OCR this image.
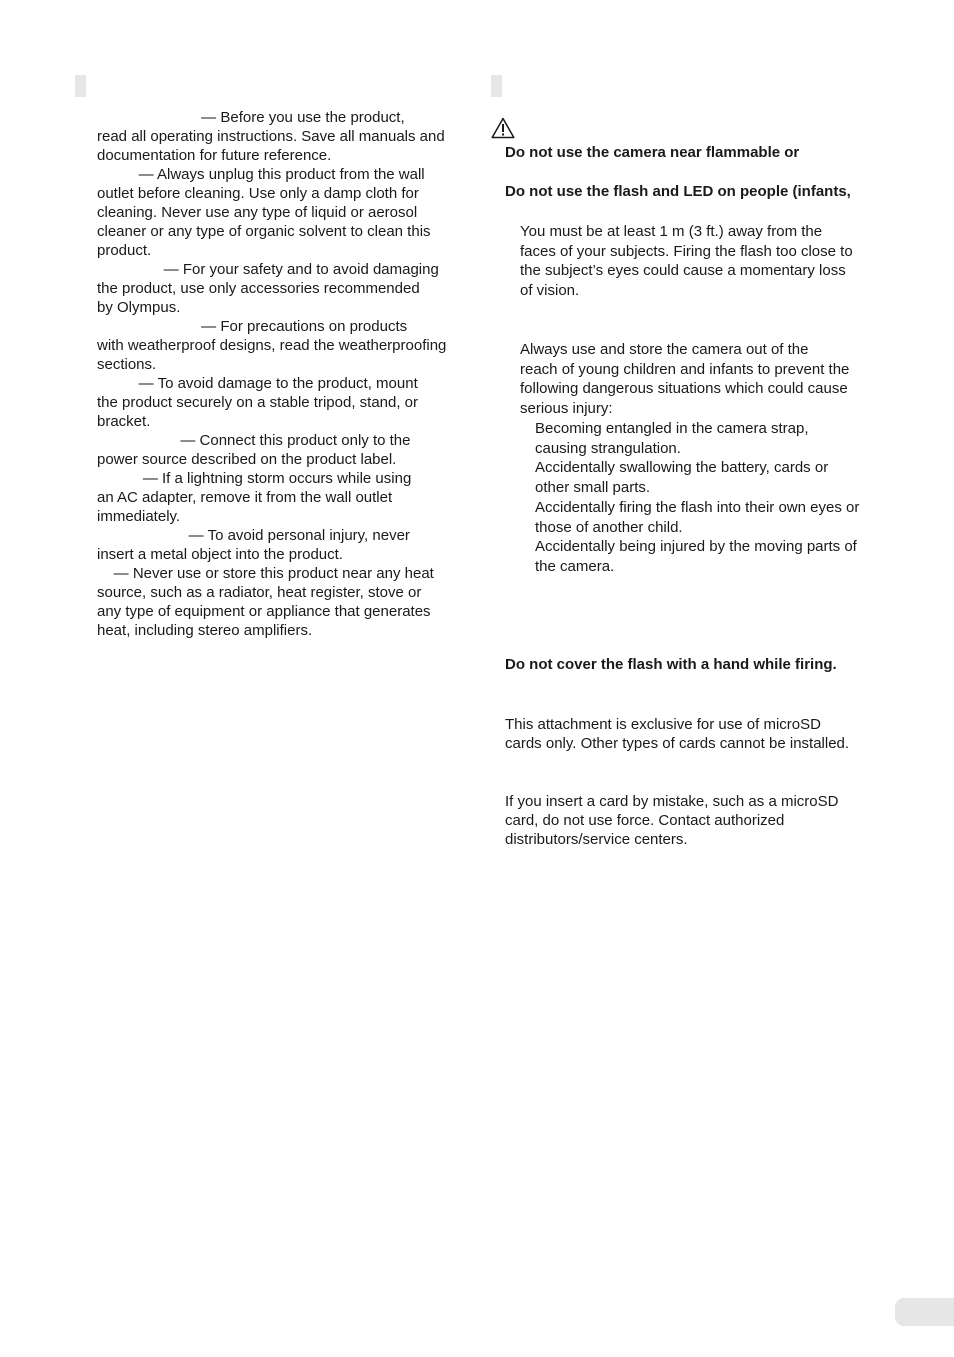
— Before you use the product,
read all operating instructions. Save all manuals and
documentation for future reference.
— Always unplug this product from the wall
outlet before cleaning. Use only a damp cloth for
cleaning. Never use any type of liquid or aerosol
cleaner or any type of organic solvent to clean this
product.
— For your safety and to avoid damaging
the product, use only accessories recommended
by Olympus.
— For precautions on products
with weatherproof designs, read the weatherproofing
sections.
— To avoid damage to the product, mount
the product securely on a stable tripod, stand, or
bracket.
— Connect this product only to the
power source described on the product label.
— If a lightning storm occurs while using
an AC adapter, remove it from the wall outlet
immediately.
— To avoid personal injury, never
insert a metal object into the product.
— Never use or store this product near any heat
source, such as a radiator, heat register, stove or
any type of equipment or appliance that generates
heat, including stereo amplifiers.
Do not use the camera near flammable or
Do not use the flash and LED on people (infants,
You must be at least 1 m (3 ft.) away from the
faces of your subjects. Firing the flash too close to
the subject’s eyes could cause a momentary loss
of vision.
Always use and store the camera out of the
reach of young children and infants to prevent the
following dangerous situations which could cause
serious injury:
Becoming entangled in the camera strap,
causing strangulation.
Accidentally swallowing the battery, cards or
other small parts.
Accidentally firing the flash into their own eyes or
those of another child.
Accidentally being injured by the moving parts of
the camera.
Do not cover the flash with a hand while firing.
This attachment is exclusive for use of microSD
cards only. Other types of cards cannot be installed.
If you insert a card by mistake, such as a microSD
card, do not use force. Contact authorized
distributors/service centers.
